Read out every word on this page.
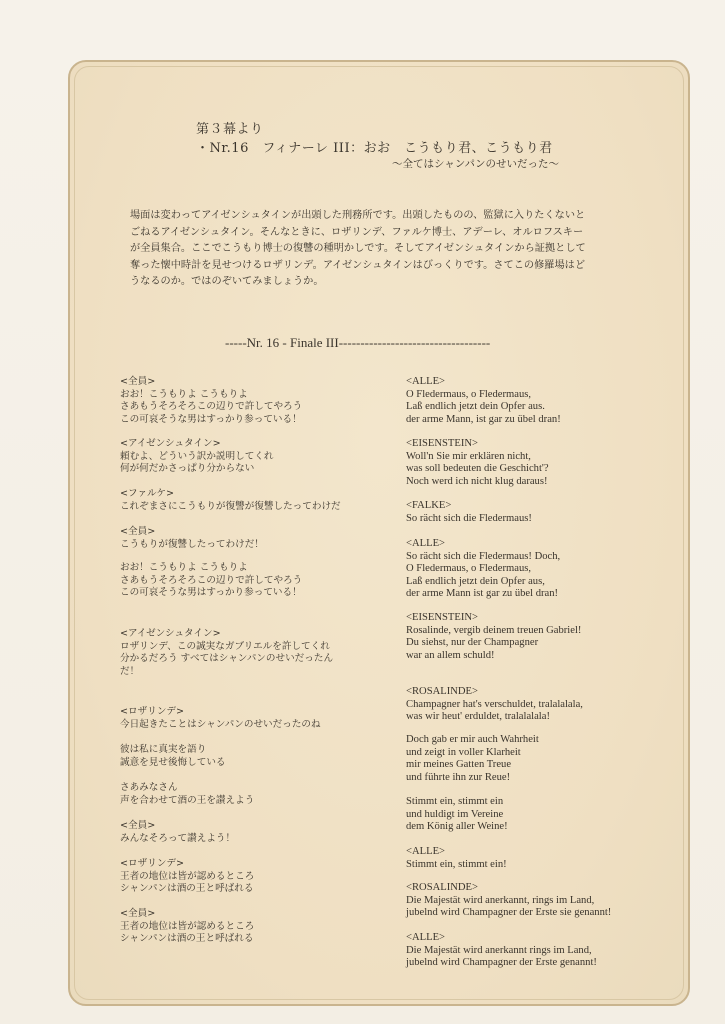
第３幕より
・Nr.16　フィナーレ III：おお　こうもり君、こうもり君
〜全てはシャンパンのせいだった〜
場面は変わってアイゼンシュタインが出頭した刑務所です。出頭したものの、監獄に入りたくないと
ごねるアイゼンシュタイン。そんなときに、ロザリンデ、ファルケ博士、アデーレ、オルロフスキー
が全員集合。ここでこうもり博士の復讐の種明かしです。そしてアイゼンシュタインから証拠として
奪った懐中時計を見せつけるロザリンデ。アイゼンシュタインはびっくりです。さてこの修羅場はど
うなるのか。ではのぞいてみましょうか。
-----Nr. 16 - Finale III-----------------------------------
<全員>
おお！こうもりよ こうもりよ
さあもうそろそろこの辺りで許してやろう
この可哀そうな男はすっかり参っている！
<アイゼンシュタイン>
頼むよ、どういう訳か説明してくれ
何が何だかさっぱり分からない
<ファルケ>
これぞまさにこうもりが復讐が復讐したってわけだ
<全員>
こうもりが復讐したってわけだ！
おお！こうもりよ こうもりよ
さあもうそろそろこの辺りで許してやろう
この可哀そうな男はすっかり参っている！
<アイゼンシュタイン>
ロザリンデ、この誠実なガブリエルを許してくれ
分かるだろう すべてはシャンパンのせいだったん
だ！
<ロザリンデ>
今日起きたことはシャンパンのせいだったのね
彼は私に真実を語り
誠意を見せ後悔している
さあみなさん
声を合わせて酒の王を讃えよう
<全員>
みんなそろって讃えよう！
<ロザリンデ>
王者の地位は皆が認めるところ
シャンパンは酒の王と呼ばれる
<全員>
王者の地位は皆が認めるところ
シャンパンは酒の王と呼ばれる
<ALLE>
O Fledermaus, o Fledermaus,
Laß endlich jetzt dein Opfer aus.
der arme Mann, ist gar zu übel dran!
<EISENSTEIN>
Woll'n Sie mir erklären nicht,
was soll bedeuten die Geschicht'?
Noch werd ich nicht klug daraus!
<FALKE>
So rächt sich die Fledermaus!
<ALLE>
So rächt sich die Fledermaus! Doch,
O Fledermaus, o Fledermaus,
Laß endlich jetzt dein Opfer aus,
der arme Mann ist gar zu übel dran!
<EISENSTEIN>
Rosalinde, vergib deinem treuen Gabriel!
Du siehst, nur der Champagner
war an allem schuld!
<ROSALINDE>
Champagner hat's verschuldet, tralalalala,
was wir heut' erduldet, tralalalala!
Doch gab er mir auch Wahrheit
und zeigt in voller Klarheit
mir meines Gatten Treue
und führte ihn zur Reue!
Stimmt ein, stimmt ein
und huldigt im Vereine
dem König aller Weine!
<ALLE>
Stimmt ein, stimmt ein!
<ROSALINDE>
Die Majestät wird anerkannt, rings im Land,
jubelnd wird Champagner der Erste sie genannt!
<ALLE>
Die Majestät wird anerkannt rings im Land,
jubelnd wird Champagner der Erste genannt!
